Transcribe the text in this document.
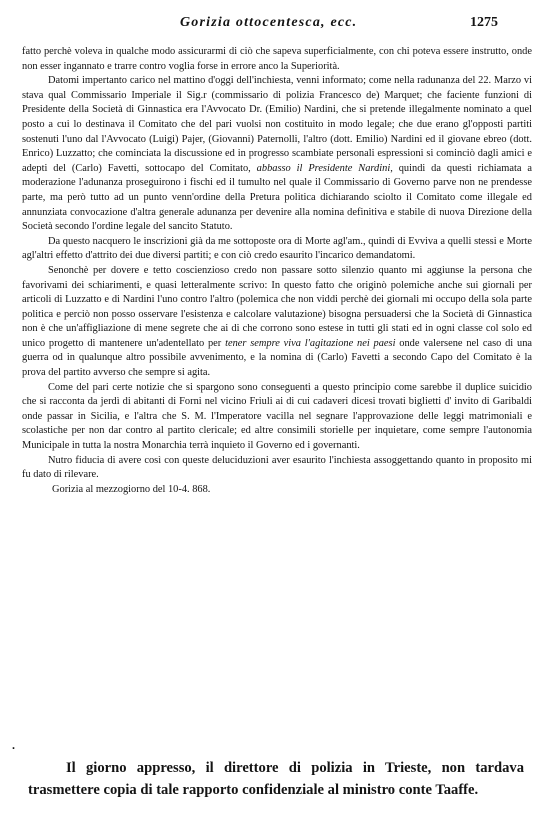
Gorizia ottocentesca, ecc.	1275

fatto perchè voleva in qualche modo assicurarmi di ciò che sapeva superficialmente, con chi poteva essere instrutto, onde non esser ingannato e trarre contro voglia forse in errore anco la Superiorità.

Datomi impertanto carico nel mattino d'oggi dell'inchiesta, venni informato; come nella radunanza del 22. Marzo vi stava qual Commissario Imperiale il Sig.r (commissario di polizia Francesco de) Marquet; che faciente funzioni di Presidente della Società di Ginnastica era l'Avvocato Dr. (Emilio) Nardini, che si pretende illegalmente nominato a quel posto a cui lo destinava il Comitato che del pari vuolsi non costituito in modo legale; che due erano gl'opposti partiti sostenuti l'uno dal l'Avvocato (Luigi) Pajer, (Giovanni) Paternolli, l'altro (dott. Emilio) Nardini ed il giovane ebreo (dott. Enrico) Luzzatto; che cominciata la discussione ed in progresso scambiate personali espressioni si cominciò dagli amici e adepti del (Carlo) Favetti, sottocapo del Comitato, abbasso il Presidente Nardini, quindi da questi richiamata a moderazione l'adunanza proseguirono i fischi ed il tumulto nel quale il Commissario di Governo parve non ne prendesse parte, ma però tutto ad un punto venn'ordine della Pretura politica dichiarando sciolto il Comitato come illegale ed annunziata convocazione d'altra generale adunanza per devenire alla nomina definitiva e stabile di nuova Direzione della Società secondo l'ordine legale del sancito Statuto.

Da questo nacquero le inscrizioni già da me sottoposte ora di Morte agl'am., quindi di Evviva a quelli stessi e Morte agl'altri effetto d'attrito dei due diversi partiti; e con ciò credo esaurito l'incarico demandatomi.

Senonchè per dovere e tetto coscienzioso credo non passare sotto silenzio quanto mi aggiunse la persona che favorivami dei schiarimenti, e quasi letteralmente scrivo: In questo fatto che originò polemiche anche sui giornali per articoli di Luzzatto e di Nardini l'uno contro l'altro (polemica che non viddi perchè dei giornali mi occupo della sola parte politica e perciò non posso osservare l'esistenza e calcolare valutazione) bisogna persuadersi che la Società di Ginnastica non è che un'affigliazione di mene segrete che ai di che corrono sono estese in tutti gli stati ed in ogni classe col solo ed unico progetto di mantenere un'adentellato per tener sempre viva l'agitazione nei paesi onde valersene nel caso di una guerra od in qualunque altro possibile avvenimento, e la nomina di (Carlo) Favetti a secondo Capo del Comitato è la prova del partito avverso che sempre si agita.

Come del pari certe notizie che si spargono sono conseguenti a questo principio come sarebbe il duplice suicidio che si racconta da jerdì di abitanti di Forni nel vicino Friuli ai di cui cadaveri dicesi trovati biglietti d' invito di Garibaldi onde passar in Sicilia, e l'altra che S. M. l'Imperatore vacilla nel segnare l'approvazione delle leggi matrimoniali e scolastiche per non dar contro al partito clericale; ed altre consimili storielle per inquietare, come sempre l'autonomia Municipale in tutta la nostra Monarchia terrà inquieto il Governo ed i governanti.

Nutro fiducia di avere così con queste deluciduzioni aver esaurito l'inchiesta assoggettando quanto in proposito mi fu dato di rilevare.

Gorizia al mezzogiorno del 10-4. 868.

.

Il giorno appresso, il direttore di polizia in Trieste, non tardava trasmettere copia di tale rapporto confidenziale al ministro conte Taaffe.
